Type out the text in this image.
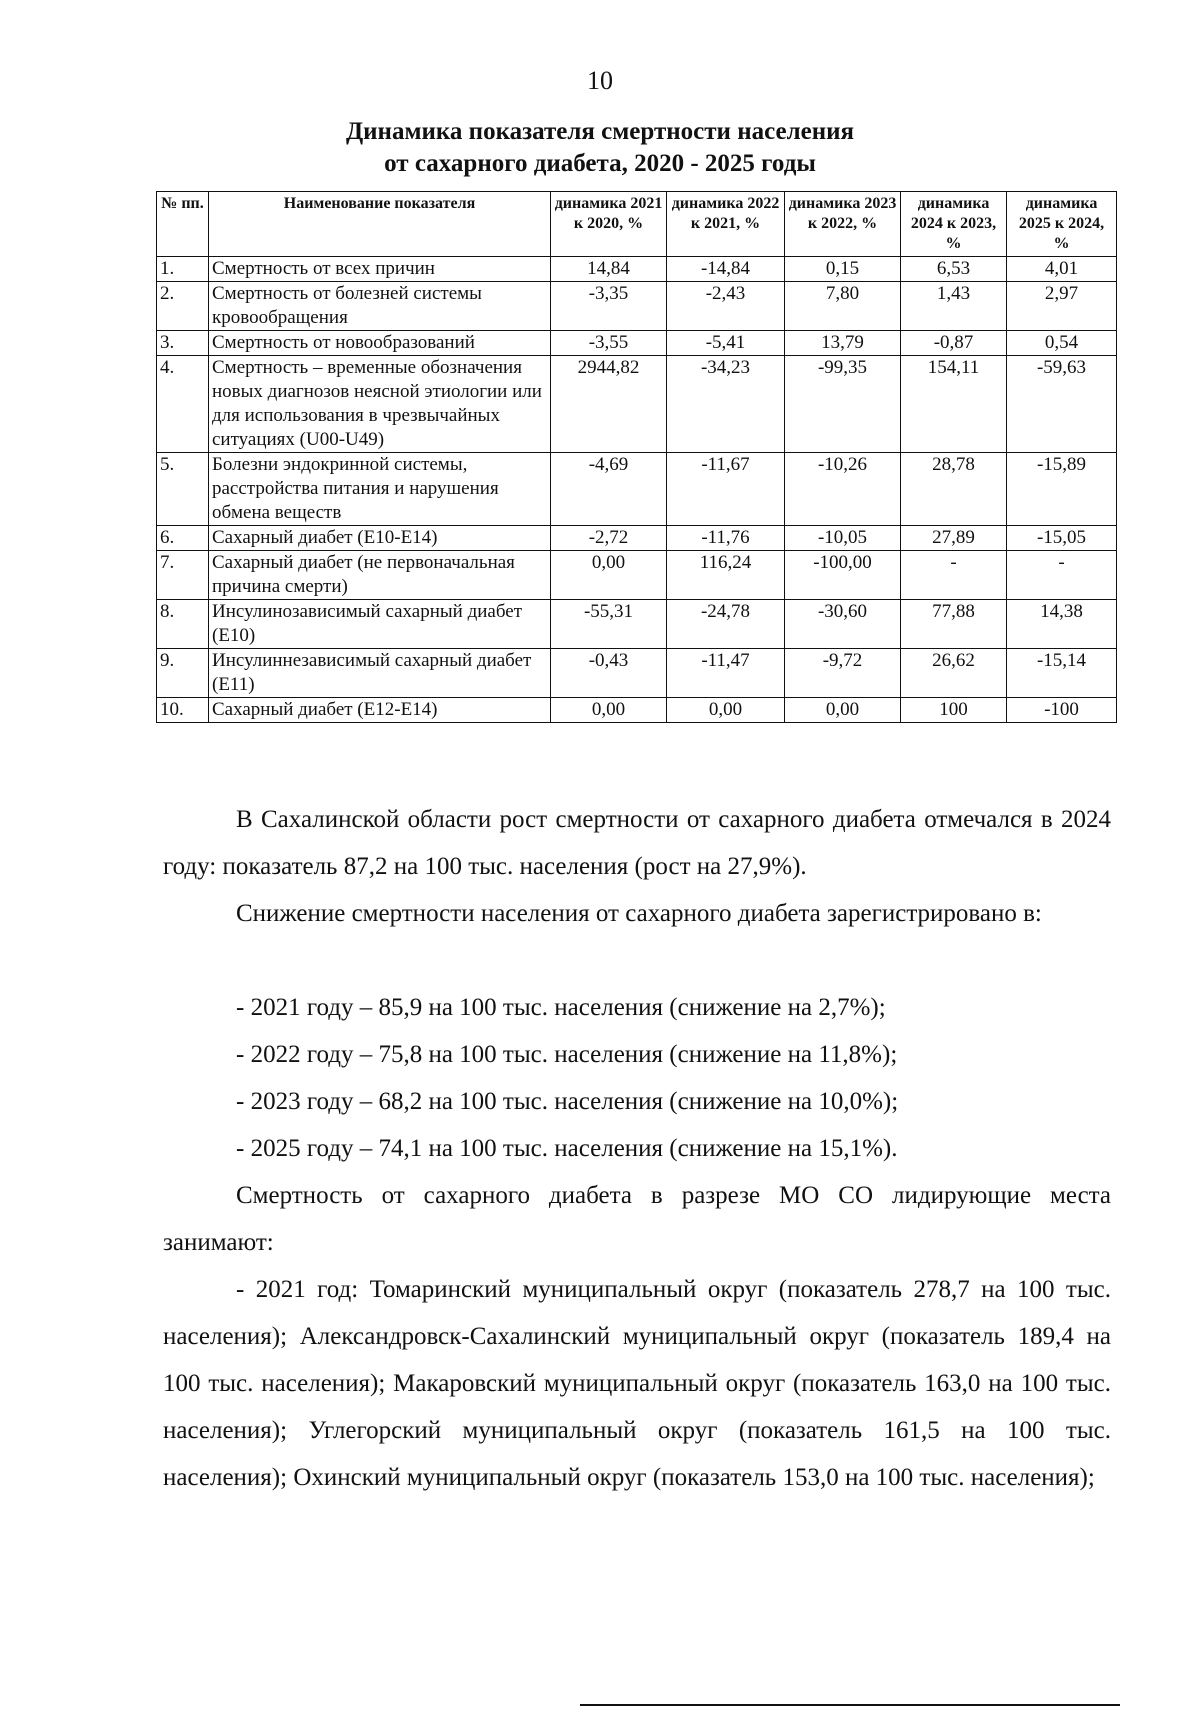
10
Динамика показателя смертности населения
от сахарного диабета, 2020 - 2025 годы
№ пп.	Наименование показателя	динамика 2021 к 2020, %	динамика 2022 к 2021, %	динамика 2023 к 2022, %	динамика 2024 к 2023, %	динамика 2025 к 2024, %
1.	Смертность от всех причин	14,84	-14,84	0,15	6,53	4,01
2.	Смертность от болезней системы кровообращения	-3,35	-2,43	7,80	1,43	2,97
3.	Смертность от новообразований	-3,55	-5,41	13,79	-0,87	0,54
4.	Смертность – временные обозначения новых диагнозов неясной этиологии или для использования в чрезвычайных ситуациях (U00-U49)	2944,82	-34,23	-99,35	154,11	-59,63
5.	Болезни эндокринной системы, расстройства питания и нарушения обмена веществ	-4,69	-11,67	-10,26	28,78	-15,89
6.	Сахарный диабет (E10-E14)	-2,72	-11,76	-10,05	27,89	-15,05
7.	Сахарный диабет (не первоначальная причина смерти)	0,00	116,24	-100,00	-	-
8.	Инсулинозависимый сахарный диабет (E10)	-55,31	-24,78	-30,60	77,88	14,38
9.	Инсулиннезависимый сахарный диабет (E11)	-0,43	-11,47	-9,72	26,62	-15,14
10.	Сахарный диабет (E12-E14)	0,00	0,00	0,00	100	-100
В Сахалинской области рост смертности от сахарного диабета отмечался в 2024 году: показатель 87,2 на 100 тыс. населения (рост на 27,9%).
Снижение смертности населения от сахарного диабета зарегистрировано в:
- 2021 году – 85,9 на 100 тыс. населения (снижение на 2,7%);
- 2022 году – 75,8 на 100 тыс. населения (снижение на 11,8%);
- 2023 году – 68,2 на 100 тыс. населения (снижение на 10,0%);
- 2025 году – 74,1 на 100 тыс. населения (снижение на 15,1%).
Смертность от сахарного диабета в разрезе МО СО лидирующие места занимают:
- 2021 год: Томаринский муниципальный округ (показатель 278,7 на 100 тыс. населения); Александровск-Сахалинский муниципальный округ (показатель 189,4 на 100 тыс. населения); Макаровский муниципальный округ (показатель 163,0 на 100 тыс. населения); Углегорский муниципальный округ (показатель 161,5 на 100 тыс. населения); Охинский муниципальный округ (показатель 153,0 на 100 тыс. населения);
